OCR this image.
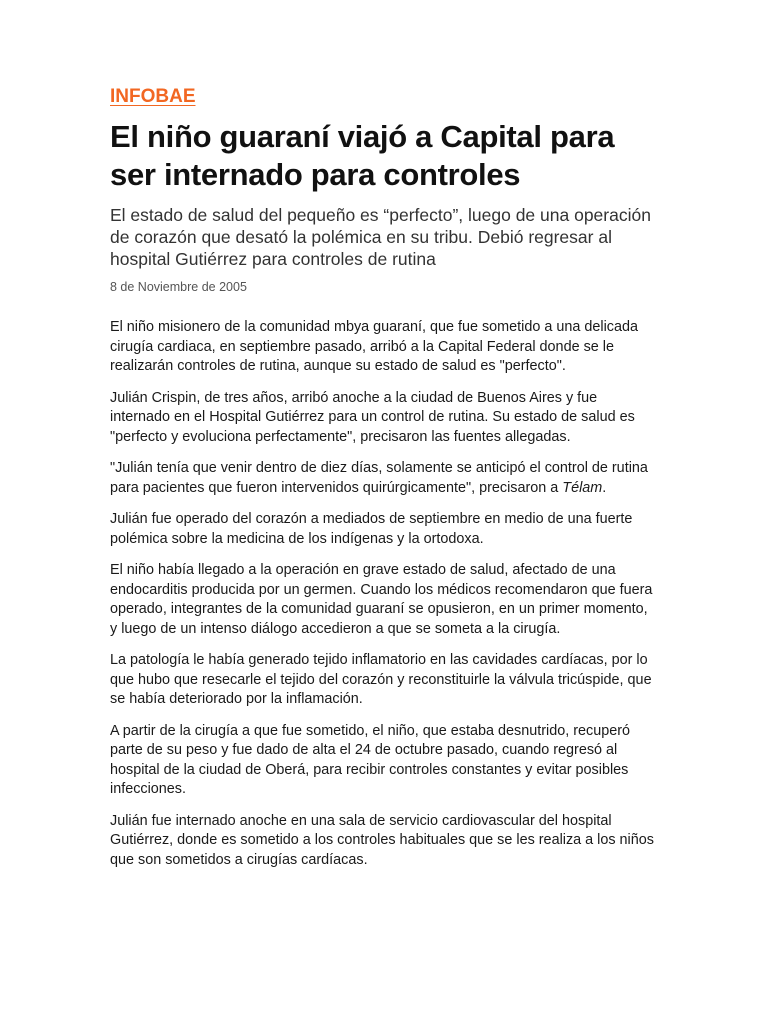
INFOBAE
El niño guaraní viajó a Capital para ser internado para controles

El estado de salud del pequeño es “perfecto”, luego de una operación de corazón que desató la polémica en su tribu. Debió regresar al hospital Gutiérrez para controles de rutina

8 de Noviembre de 2005

El niño misionero de la comunidad mbya guaraní, que fue sometido a una delicada cirugía cardiaca, en septiembre pasado, arribó a la Capital Federal donde se le realizarán controles de rutina, aunque su estado de salud es "perfecto".

Julián Crispin, de tres años, arribó anoche a la ciudad de Buenos Aires y fue internado en el Hospital Gutiérrez para un control de rutina. Su estado de salud es "perfecto y evoluciona perfectamente", precisaron las fuentes allegadas.

"Julián tenía que venir dentro de diez días, solamente se anticipó el control de rutina para pacientes que fueron intervenidos quirúrgicamente", precisaron a Télam.

Julián fue operado del corazón a mediados de septiembre en medio de una fuerte polémica sobre la medicina de los indígenas y la ortodoxa.

El niño había llegado a la operación en grave estado de salud, afectado de una endocarditis producida por un germen. Cuando los médicos recomendaron que fuera operado, integrantes de la comunidad guaraní se opusieron, en un primer momento, y luego de un intenso diálogo accedieron a que se someta a la cirugía.

La patología le había generado tejido inflamatorio en las cavidades cardíacas, por lo que hubo que resecarle el tejido del corazón y reconstituirle la válvula tricúspide, que se había deteriorado por la inflamación.

A partir de la cirugía a que fue sometido, el niño, que estaba desnutrido, recuperó parte de su peso y fue dado de alta el 24 de octubre pasado, cuando regresó al hospital de la ciudad de Oberá, para recibir controles constantes y evitar posibles infecciones.

Julián fue internado anoche en una sala de servicio cardiovascular del hospital Gutiérrez, donde es sometido a los controles habituales que se les realiza a los niños que son sometidos a cirugías cardíacas.
